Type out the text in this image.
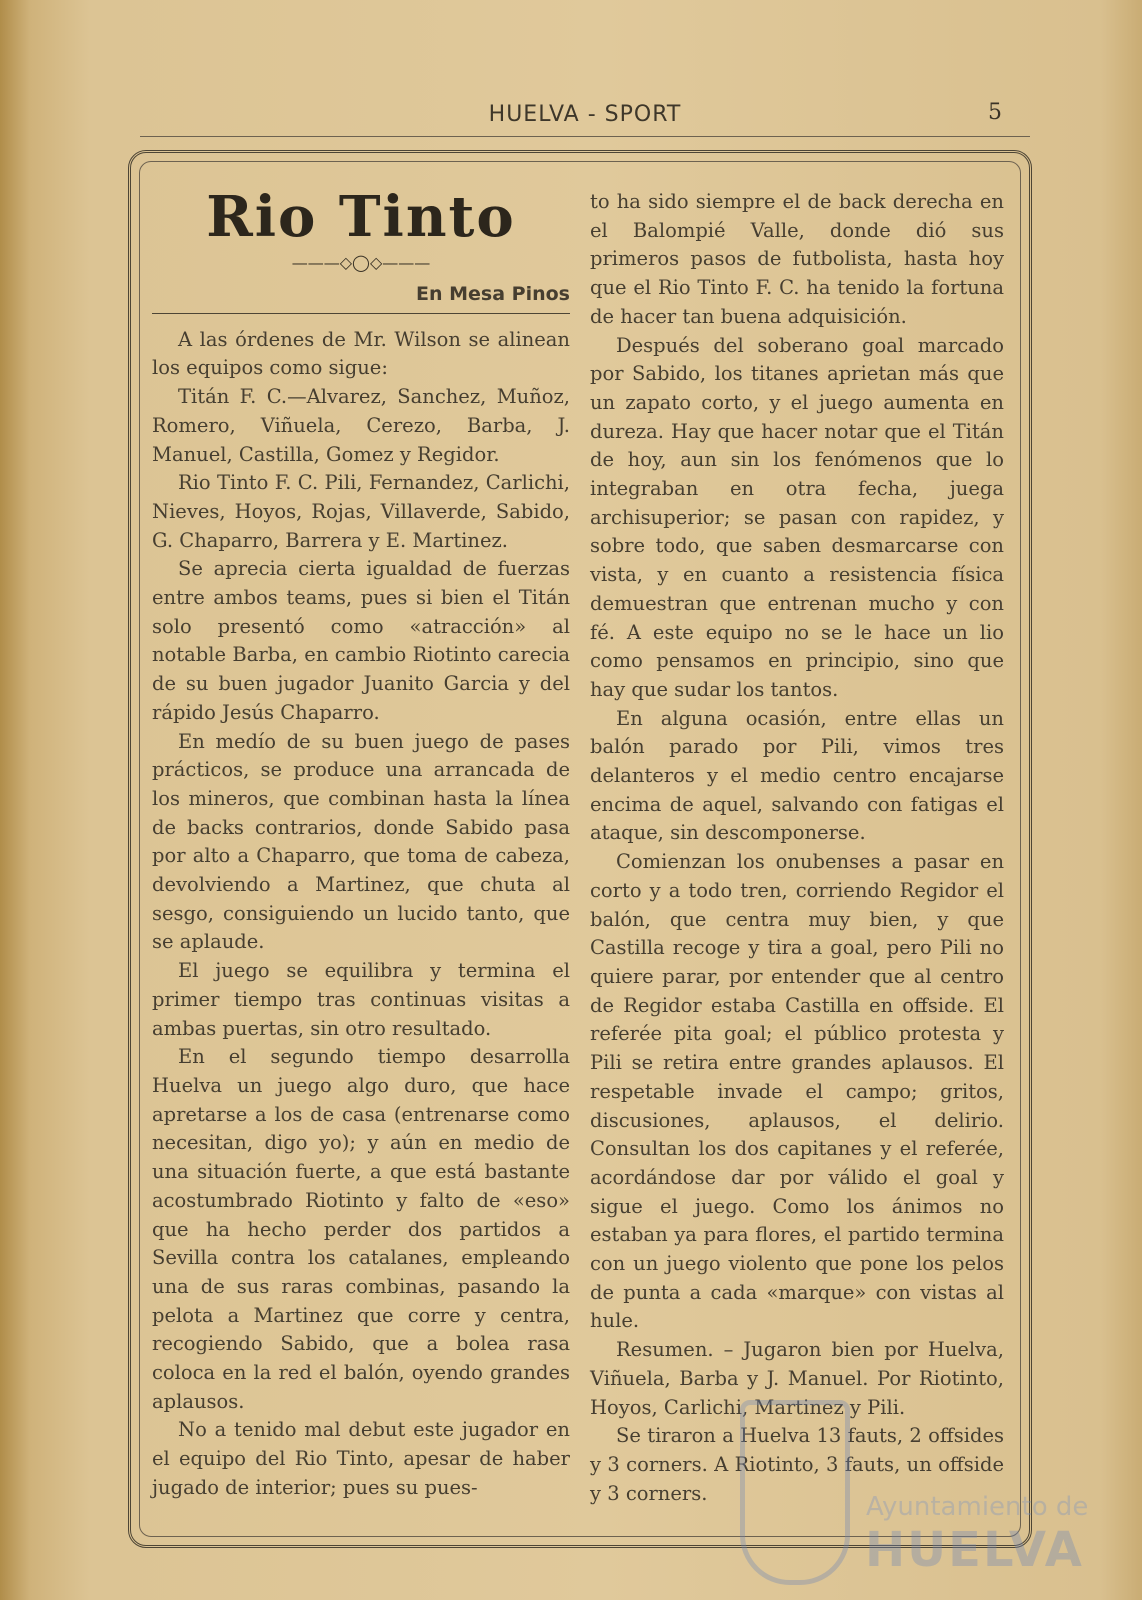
HUELVA - SPORT	5
Rio Tinto
———◇◯◇———
En Mesa Pinos

A las órdenes de Mr. Wilson se alinean los equipos como sigue:

Titán F. C.—Alvarez, Sanchez, Muñoz, Romero, Viñuela, Cerezo, Barba, J. Manuel, Castilla, Gomez y Regidor.

Rio Tinto F. C. Pili, Fernandez, Carlichi, Nieves, Hoyos, Rojas, Villaverde, Sabido, G. Chaparro, Barrera y E. Martinez.

Se aprecia cierta igualdad de fuerzas entre ambos teams, pues si bien el Titán solo presentó como «atracción» al notable Barba, en cambio Riotinto carecia de su buen jugador Juanito Garcia y del rápido Jesús Chaparro.

En medío de su buen juego de pases prácticos, se produce una arrancada de los mineros, que combinan hasta la línea de backs contrarios, donde Sabido pasa por alto a Chaparro, que toma de cabeza, devolviendo a Martinez, que chuta al sesgo, consiguiendo un lucido tanto, que se aplaude.

El juego se equilibra y termina el primer tiempo tras continuas visitas a ambas puertas, sin otro resultado.

En el segundo tiempo desarrolla Huelva un juego algo duro, que hace apretarse a los de casa (entrenarse como necesitan, digo yo); y aún en medio de una situación fuerte, a que está bastante acostumbrado Riotinto y falto de «eso» que ha hecho perder dos partidos a Sevilla contra los catalanes, empleando una de sus raras combinas, pasando la pelota a Martinez que corre y centra, recogiendo Sabido, que a bolea rasa coloca en la red el balón, oyendo grandes aplausos.

No a tenido mal debut este jugador en el equipo del Rio Tinto, apesar de haber jugado de interior; pues su pues-

to ha sido siempre el de back derecha en el Balompié Valle, donde dió sus primeros pasos de futbolista, hasta hoy que el Rio Tinto F. C. ha tenido la fortuna de hacer tan buena adquisición.

Después del soberano goal marcado por Sabido, los titanes aprietan más que un zapato corto, y el juego aumenta en dureza. Hay que hacer notar que el Titán de hoy, aun sin los fenómenos que lo integraban en otra fecha, juega archisuperior; se pasan con rapidez, y sobre todo, que saben desmarcarse con vista, y en cuanto a resistencia física demuestran que entrenan mucho y con fé. A este equipo no se le hace un lio como pensamos en principio, sino que hay que sudar los tantos.

En alguna ocasión, entre ellas un balón parado por Pili, vimos tres delanteros y el medio centro encajarse encima de aquel, salvando con fatigas el ataque, sin descomponerse.

Comienzan los onubenses a pasar en corto y a todo tren, corriendo Regidor el balón, que centra muy bien, y que Castilla recoge y tira a goal, pero Pili no quiere parar, por entender que al centro de Regidor estaba Castilla en offside. El referée pita goal; el público protesta y Pili se retira entre grandes aplausos. El respetable invade el campo; gritos, discusiones, aplausos, el delirio. Consultan los dos capitanes y el referée, acordándose dar por válido el goal y sigue el juego. Como los ánimos no estaban ya para flores, el partido termina con un juego violento que pone los pelos de punta a cada «marque» con vistas al hule.

Resumen. – Jugaron bien por Huelva, Viñuela, Barba y J. Manuel. Por Riotinto, Hoyos, Carlichi, Martinez y Pili.

Se tiraron a Huelva 13 fauts, 2 offsides y 3 corners. A Riotinto, 3 fauts, un offside y 3 corners.	Ayuntamiento de
HUELVA
